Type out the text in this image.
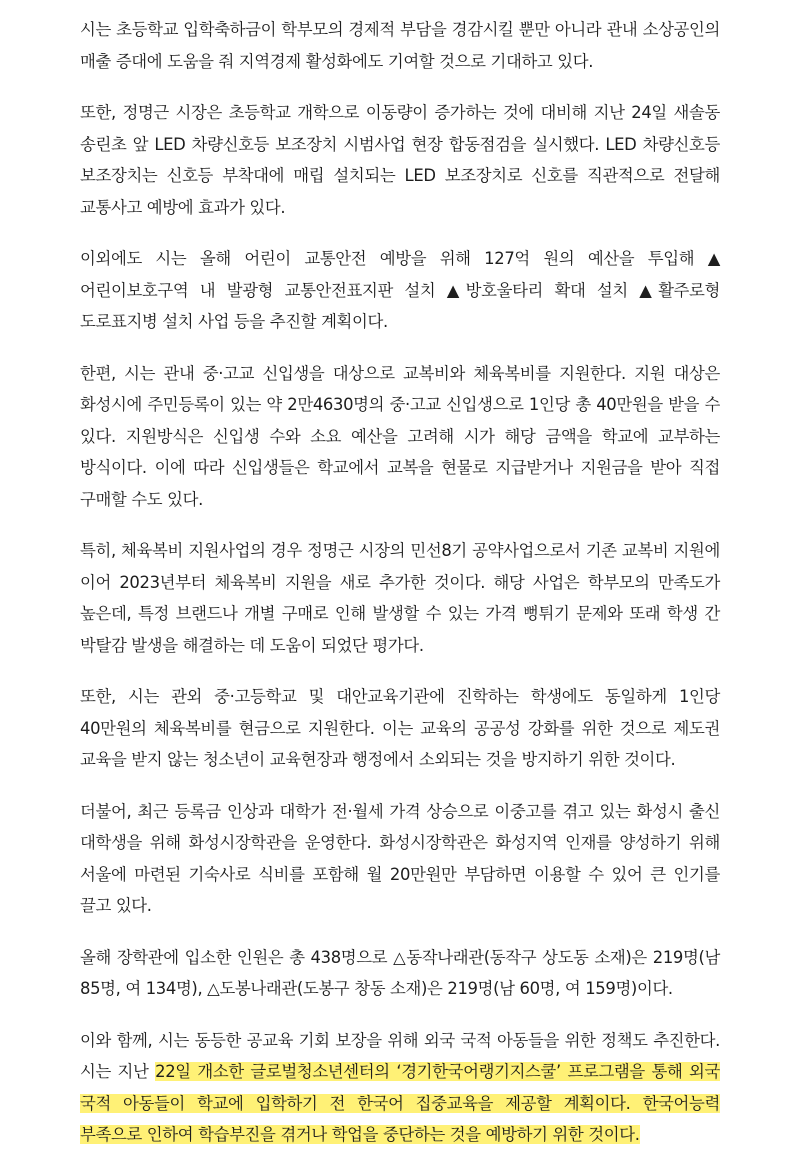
시는 초등학교 입학축하금이 학부모의 경제적 부담을 경감시킬 뿐만 아니라 관내 소상공인의 매출 증대에 도움을 줘 지역경제 활성화에도 기여할 것으로 기대하고 있다.

또한, 정명근 시장은 초등학교 개학으로 이동량이 증가하는 것에 대비해 지난 24일 새솔동 송린초 앞 LED 차량신호등 보조장치 시범사업 현장 합동점검을 실시했다. LED 차량신호등 보조장치는 신호등 부착대에 매립 설치되는 LED 보조장치로 신호를 직관적으로 전달해 교통사고 예방에 효과가 있다.

이외에도 시는 올해 어린이 교통안전 예방을 위해 127억 원의 예산을 투입해 ▲어린이보호구역 내 발광형 교통안전표지판 설치 ▲방호울타리 확대 설치 ▲활주로형 도로표지병 설치 사업 등을 추진할 계획이다.

한편, 시는 관내 중·고교 신입생을 대상으로 교복비와 체육복비를 지원한다. 지원 대상은 화성시에 주민등록이 있는 약 2만4630명의 중·고교 신입생으로 1인당 총 40만원을 받을 수 있다. 지원방식은 신입생 수와 소요 예산을 고려해 시가 해당 금액을 학교에 교부하는 방식이다. 이에 따라 신입생들은 학교에서 교복을 현물로 지급받거나 지원금을 받아 직접 구매할 수도 있다.

특히, 체육복비 지원사업의 경우 정명근 시장의 민선8기 공약사업으로서 기존 교복비 지원에 이어 2023년부터 체육복비 지원을 새로 추가한 것이다. 해당 사업은 학부모의 만족도가 높은데, 특정 브랜드나 개별 구매로 인해 발생할 수 있는 가격 뻥튀기 문제와 또래 학생 간 박탈감 발생을 해결하는 데 도움이 되었단 평가다.

또한, 시는 관외 중·고등학교 및 대안교육기관에 진학하는 학생에도 동일하게 1인당 40만원의 체육복비를 현금으로 지원한다. 이는 교육의 공공성 강화를 위한 것으로 제도권 교육을 받지 않는 청소년이 교육현장과 행정에서 소외되는 것을 방지하기 위한 것이다.

더불어, 최근 등록금 인상과 대학가 전·월세 가격 상승으로 이중고를 겪고 있는 화성시 출신 대학생을 위해 화성시장학관을 운영한다. 화성시장학관은 화성지역 인재를 양성하기 위해 서울에 마련된 기숙사로 식비를 포함해 월 20만원만 부담하면 이용할 수 있어 큰 인기를 끌고 있다.

올해 장학관에 입소한 인원은 총 438명으로 △동작나래관(동작구 상도동 소재)은 219명(남 85명, 여 134명), △도봉나래관(도봉구 창동 소재)은 219명(남 60명, 여 159명)이다.

이와 함께, 시는 동등한 공교육 기회 보장을 위해 외국 국적 아동들을 위한 정책도 추진한다. 시는 지난 22일 개소한 글로벌청소년센터의 ‘경기한국어랭기지스쿨’ 프로그램을 통해 외국 국적 아동들이 학교에 입학하기 전 한국어 집중교육을 제공할 계획이다. 한국어능력 부족으로 인하여 학습부진을 겪거나 학업을 중단하는 것을 예방하기 위한 것이다.
